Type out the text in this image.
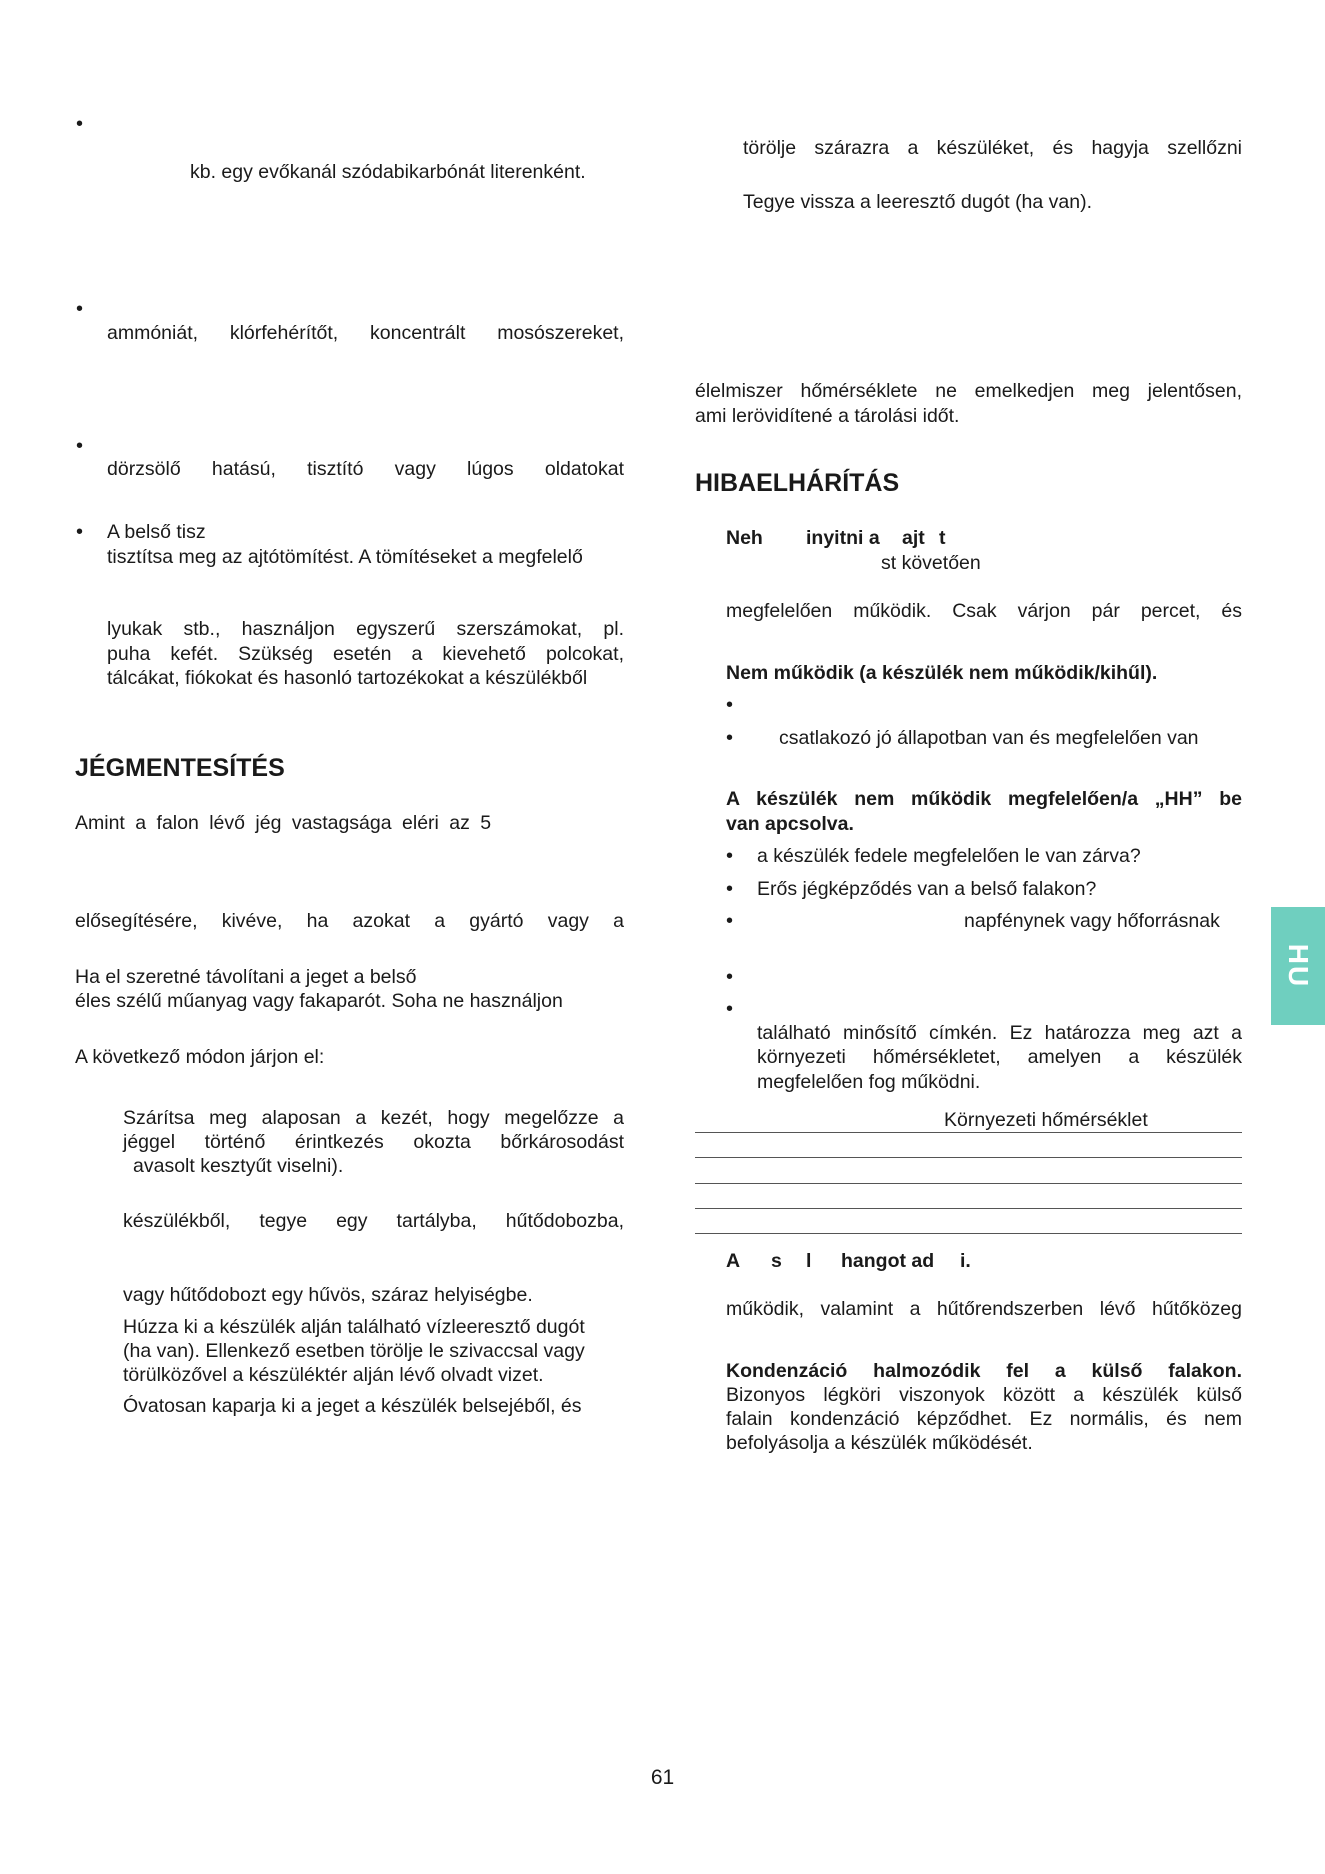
•
kb. egy evőkanál szódabikarbónát literenként.
•
ammóniát, klórfehérítőt, koncentrált mosószereket,
•
dörzsölő hatású, tisztító vagy lúgos oldatokat
• A belső tisz
tisztítsa meg az ajtótömítést. A tömítéseket a megfelelő
lyukak stb., használjon egyszerű szerszámokat, pl.
puha kefét. Szükség esetén a kievehető polcokat,
tálcákat, fiókokat és hasonló tartozékokat a készülékből
JÉGMENTESÍTÉS
Amint a falon lévő jég vastagsága eléri az 5
elősegítésére, kivéve, ha azokat a gyártó vagy a
Ha el szeretné távolítani a jeget a belső
éles szélű műanyag vagy fakaparót. Soha ne használjon
A következő módon járjon el:
Szárítsa meg alaposan a kezét, hogy megelőzze a
jéggel történő érintkezés okozta bőrkárosodást
avasolt kesztyűt viselni).
készülékből, tegye egy tartályba, hűtődobozba,
vagy hűtődobozt egy hűvös, száraz helyiségbe.
Húzza ki a készülék alján található vízleeresztő dugót
(ha van). Ellenkező esetben törölje le szivaccsal vagy
törülközővel a készüléktér alján lévő olvadt vizet.
Óvatosan kaparja ki a jeget a készülék belsejéből, és
törölje szárazra a készüléket, és hagyja szellőzni
Tegye vissza a leeresztő dugót (ha van).
élelmiszer hőmérséklete ne emelkedjen meg jelentősen,
ami lerövidítené a tárolási időt.
HIBAELHÁRÍTÁS
Neh inyitni a ajt t
st követően
megfelelően működik. Csak várjon pár percet, és
Nem működik (a készülék nem működik/kihűl).
•
• csatlakozó jó állapotban van és megfelelően van
A készülék nem működik megfelelően/a „HH” be
van apcsolva.
• a készülék fedele megfelelően le van zárva?
• Erős jégképződés van a belső falakon?
•	napfénynek vagy hőforrásnak
•
•
található minősítő címkén. Ez határozza meg azt a
környezeti hőmérsékletet, amelyen a készülék
megfelelően fog működni.
Környezeti hőmérséklet
A s l hangot ad i.
működik, valamint a hűtőrendszerben lévő hűtőközeg
Kondenzáció halmozódik fel a külső falakon.
Bizonyos légköri viszonyok között a készülék külső
falain kondenzáció képződhet. Ez normális, és nem
befolyásolja a készülék működését.
HU
61
